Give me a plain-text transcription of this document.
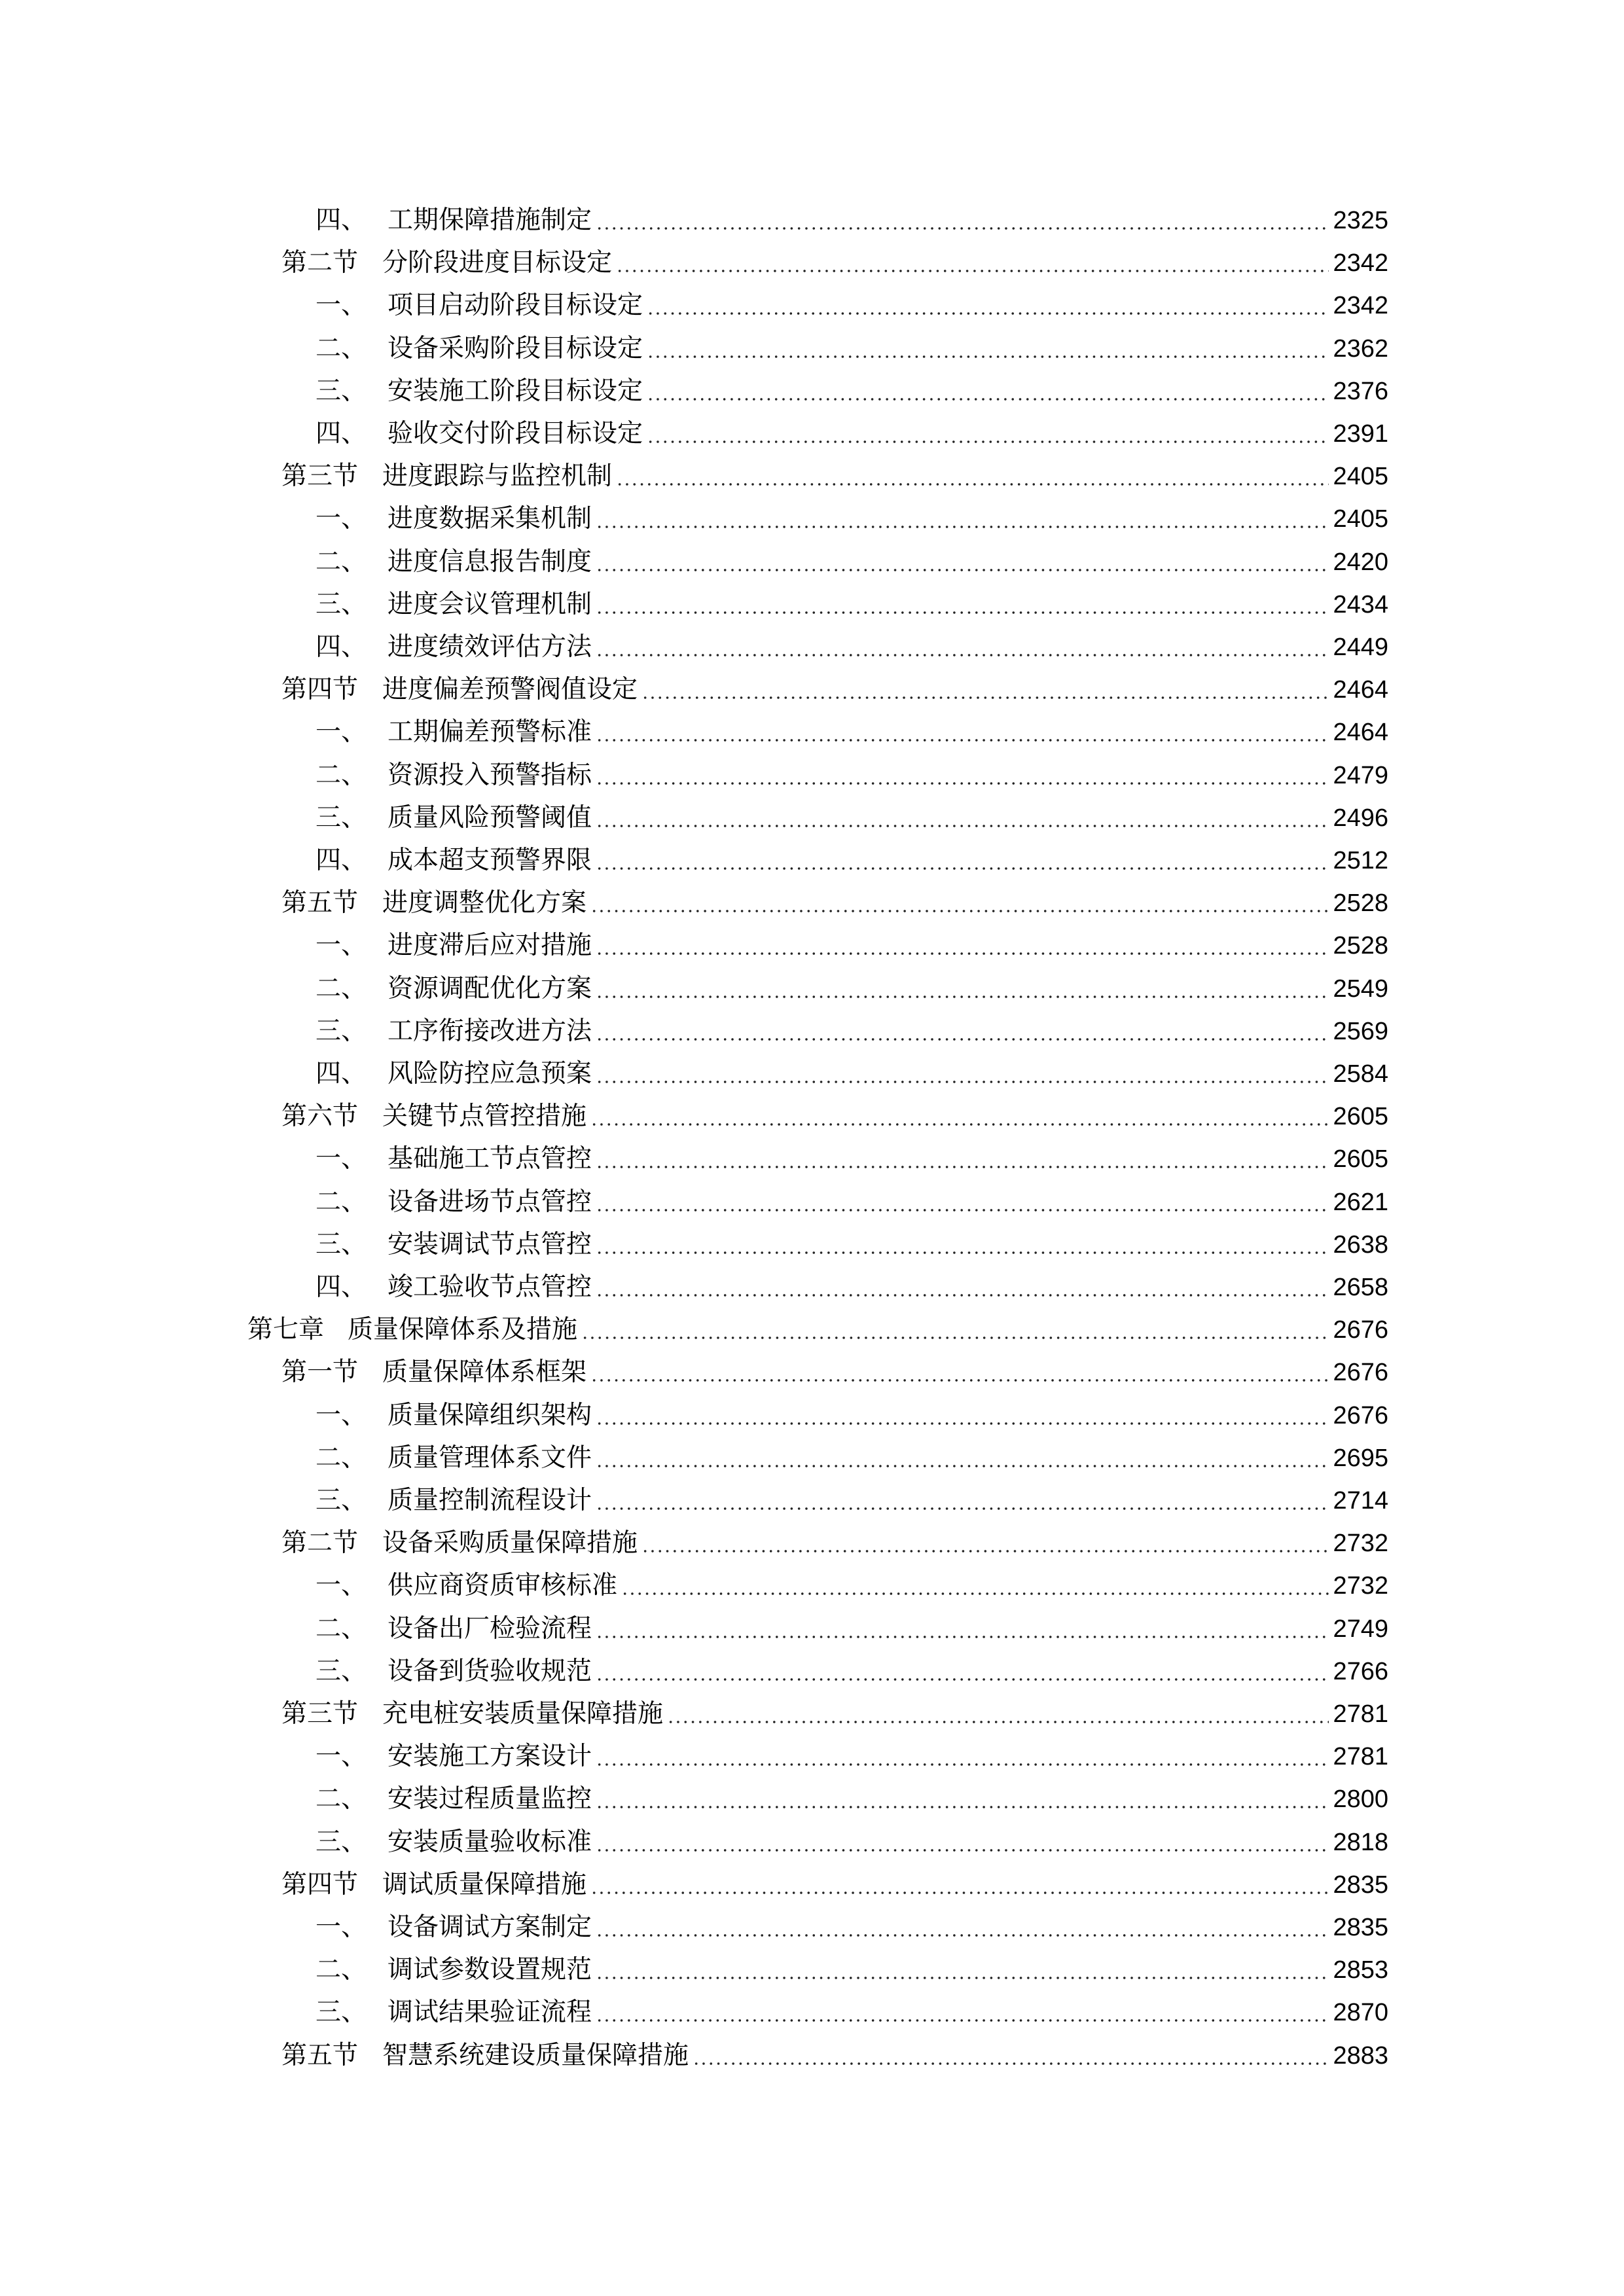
四、 工期保障措施制定	2325
第二节 分阶段进度目标设定	2342
一、 项目启动阶段目标设定	2342
二、 设备采购阶段目标设定	2362
三、 安装施工阶段目标设定	2376
四、 验收交付阶段目标设定	2391
第三节 进度跟踪与监控机制	2405
一、 进度数据采集机制	2405
二、 进度信息报告制度	2420
三、 进度会议管理机制	2434
四、 进度绩效评估方法	2449
第四节 进度偏差预警阀值设定	2464
一、 工期偏差预警标准	2464
二、 资源投入预警指标	2479
三、 质量风险预警阈值	2496
四、 成本超支预警界限	2512
第五节 进度调整优化方案	2528
一、 进度滞后应对措施	2528
二、 资源调配优化方案	2549
三、 工序衔接改进方法	2569
四、 风险防控应急预案	2584
第六节 关键节点管控措施	2605
一、 基础施工节点管控	2605
二、 设备进场节点管控	2621
三、 安装调试节点管控	2638
四、 竣工验收节点管控	2658
第七章 质量保障体系及措施	2676
第一节 质量保障体系框架	2676
一、 质量保障组织架构	2676
二、 质量管理体系文件	2695
三、 质量控制流程设计	2714
第二节 设备采购质量保障措施	2732
一、 供应商资质审核标准	2732
二、 设备出厂检验流程	2749
三、 设备到货验收规范	2766
第三节 充电桩安装质量保障措施	2781
一、 安装施工方案设计	2781
二、 安装过程质量监控	2800
三、 安装质量验收标准	2818
第四节 调试质量保障措施	2835
一、 设备调试方案制定	2835
二、 调试参数设置规范	2853
三、 调试结果验证流程	2870
第五节 智慧系统建设质量保障措施	2883
